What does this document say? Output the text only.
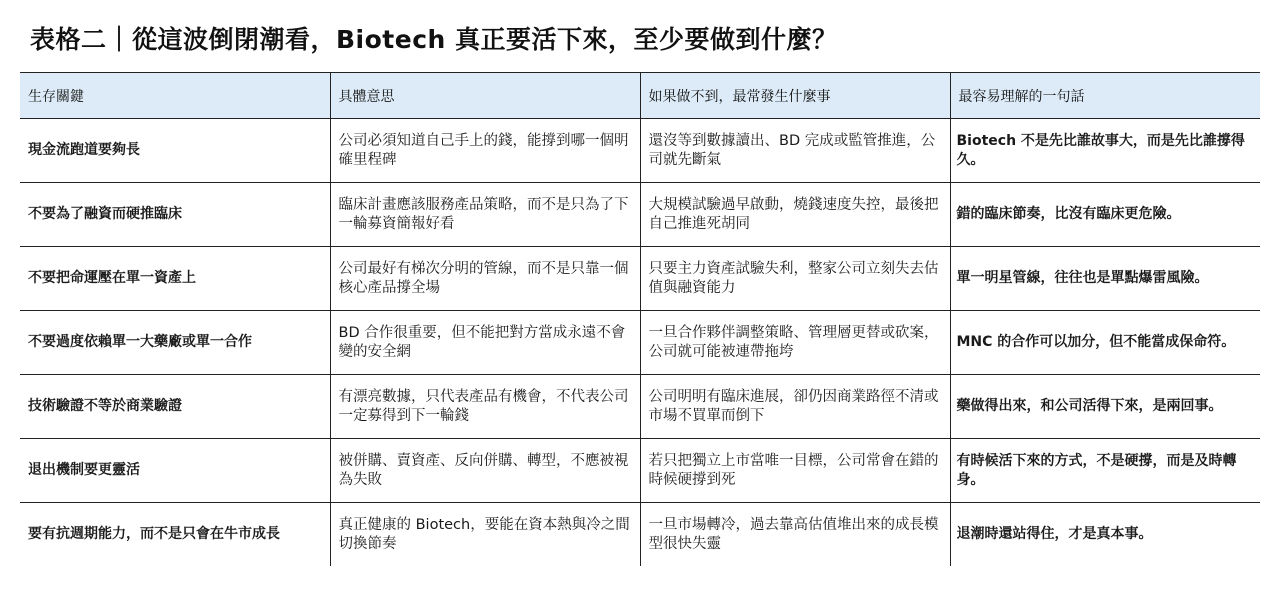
表格二｜從這波倒閉潮看，Biotech 真正要活下來，至少要做到什麼？
生存關鍵	具體意思	如果做不到，最常發生什麼事	最容易理解的一句話
現金流跑道要夠長	公司必須知道自己手上的錢，能撐到哪一個明確里程碑	還沒等到數據讀出、BD 完成或監管推進，公司就先斷氣	Biotech 不是先比誰故事大，而是先比誰撐得久。
不要為了融資而硬推臨床	臨床計畫應該服務產品策略，而不是只為了下一輪募資簡報好看	大規模試驗過早啟動，燒錢速度失控，最後把自己推進死胡同	錯的臨床節奏，比沒有臨床更危險。
不要把命運壓在單一資產上	公司最好有梯次分明的管線，而不是只靠一個核心產品撐全場	只要主力資產試驗失利，整家公司立刻失去估值與融資能力	單一明星管線，往往也是單點爆雷風險。
不要過度依賴單一大藥廠或單一合作	BD 合作很重要，但不能把對方當成永遠不會變的安全網	一旦合作夥伴調整策略、管理層更替或砍案，公司就可能被連帶拖垮	MNC 的合作可以加分，但不能當成保命符。
技術驗證不等於商業驗證	有漂亮數據，只代表產品有機會，不代表公司一定募得到下一輪錢	公司明明有臨床進展，卻仍因商業路徑不清或市場不買單而倒下	藥做得出來，和公司活得下來，是兩回事。
退出機制要更靈活	被併購、賣資產、反向併購、轉型，不應被視為失敗	若只把獨立上市當唯一目標，公司常會在錯的時候硬撐到死	有時候活下來的方式，不是硬撐，而是及時轉身。
要有抗週期能力，而不是只會在牛市成長	真正健康的 Biotech，要能在資本熱與冷之間切換節奏	一旦市場轉冷，過去靠高估值堆出來的成長模型很快失靈	退潮時還站得住，才是真本事。
